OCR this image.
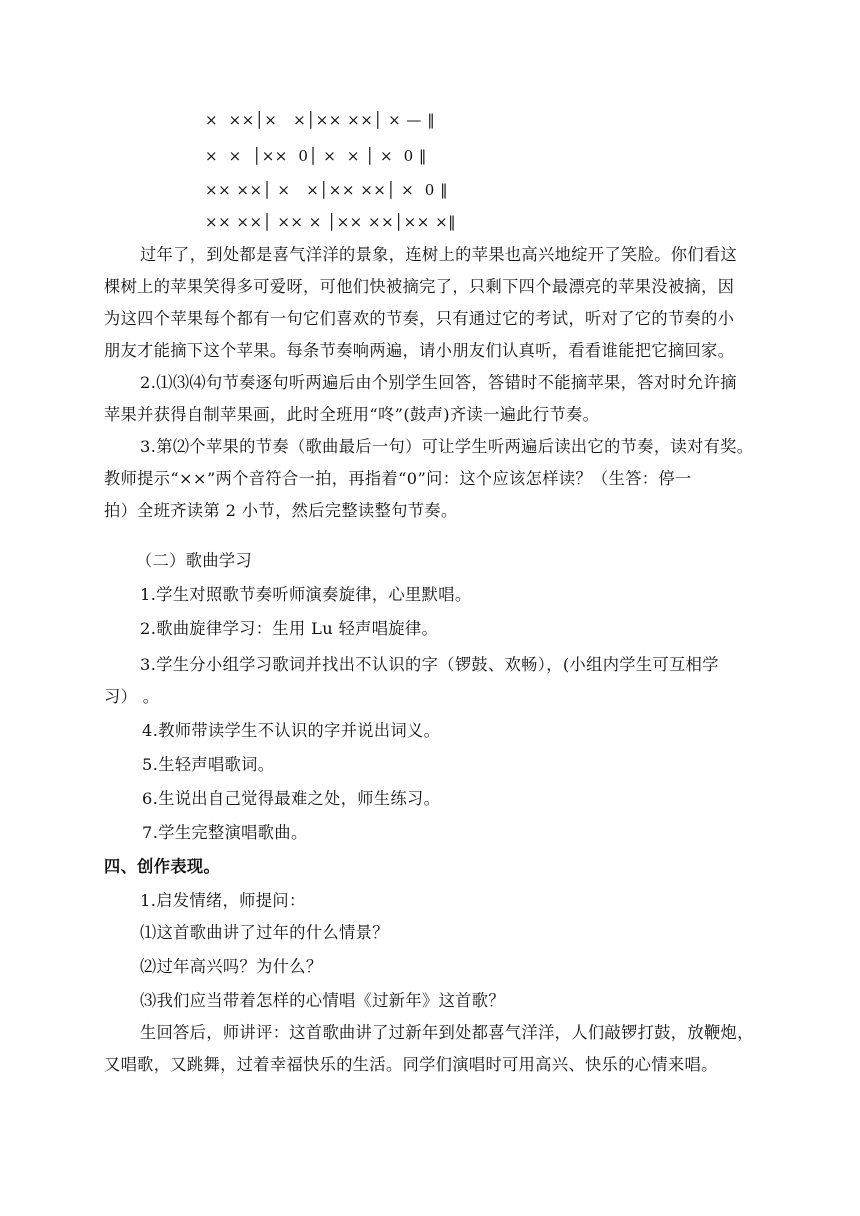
×  ××│×   ×│×× ××│ × — ‖
×  ×  │××  0│ ×  × │ ×  0 ‖
×× ××│ ×   ×│×× ××│ ×  0 ‖
×× ××│ ×× × │×× ××│×× ×‖
过年了，到处都是喜气洋洋的景象，连树上的苹果也高兴地绽开了笑脸。你们看这
棵树上的苹果笑得多可爱呀，可他们快被摘完了，只剩下四个最漂亮的苹果没被摘，因
为这四个苹果每个都有一句它们喜欢的节奏，只有通过它的考试，听对了它的节奏的小
朋友才能摘下这个苹果。每条节奏响两遍，请小朋友们认真听，看看谁能把它摘回家。
2.⑴⑶⑷句节奏逐句听两遍后由个别学生回答，答错时不能摘苹果，答对时允许摘
苹果并获得自制苹果画，此时全班用“咚”(鼓声)齐读一遍此行节奏。
3.第⑵个苹果的节奏（歌曲最后一句）可让学生听两遍后读出它的节奏，读对有奖。
教师提示“××”两个音符合一拍，再指着“0”问：这个应该怎样读？（生答：停一
拍）全班齐读第 2 小节，然后完整读整句节奏。
（二）歌曲学习
1.学生对照歌节奏听师演奏旋律，心里默唱。
2.歌曲旋律学习：生用 Lu 轻声唱旋律。
3.学生分小组学习歌词并找出不认识的字（锣鼓、欢畅），(小组内学生可互相学
习） 。
4.教师带读学生不认识的字并说出词义。
5.生轻声唱歌词。
6.生说出自己觉得最难之处，师生练习。
7.学生完整演唱歌曲。
四、创作表现。
1.启发情绪，师提问：
⑴这首歌曲讲了过年的什么情景？
⑵过年高兴吗？为什么？
⑶我们应当带着怎样的心情唱《过新年》这首歌？
生回答后，师讲评：这首歌曲讲了过新年到处都喜气洋洋，人们敲锣打鼓，放鞭炮，
又唱歌，又跳舞，过着幸福快乐的生活。同学们演唱时可用高兴、快乐的心情来唱。
